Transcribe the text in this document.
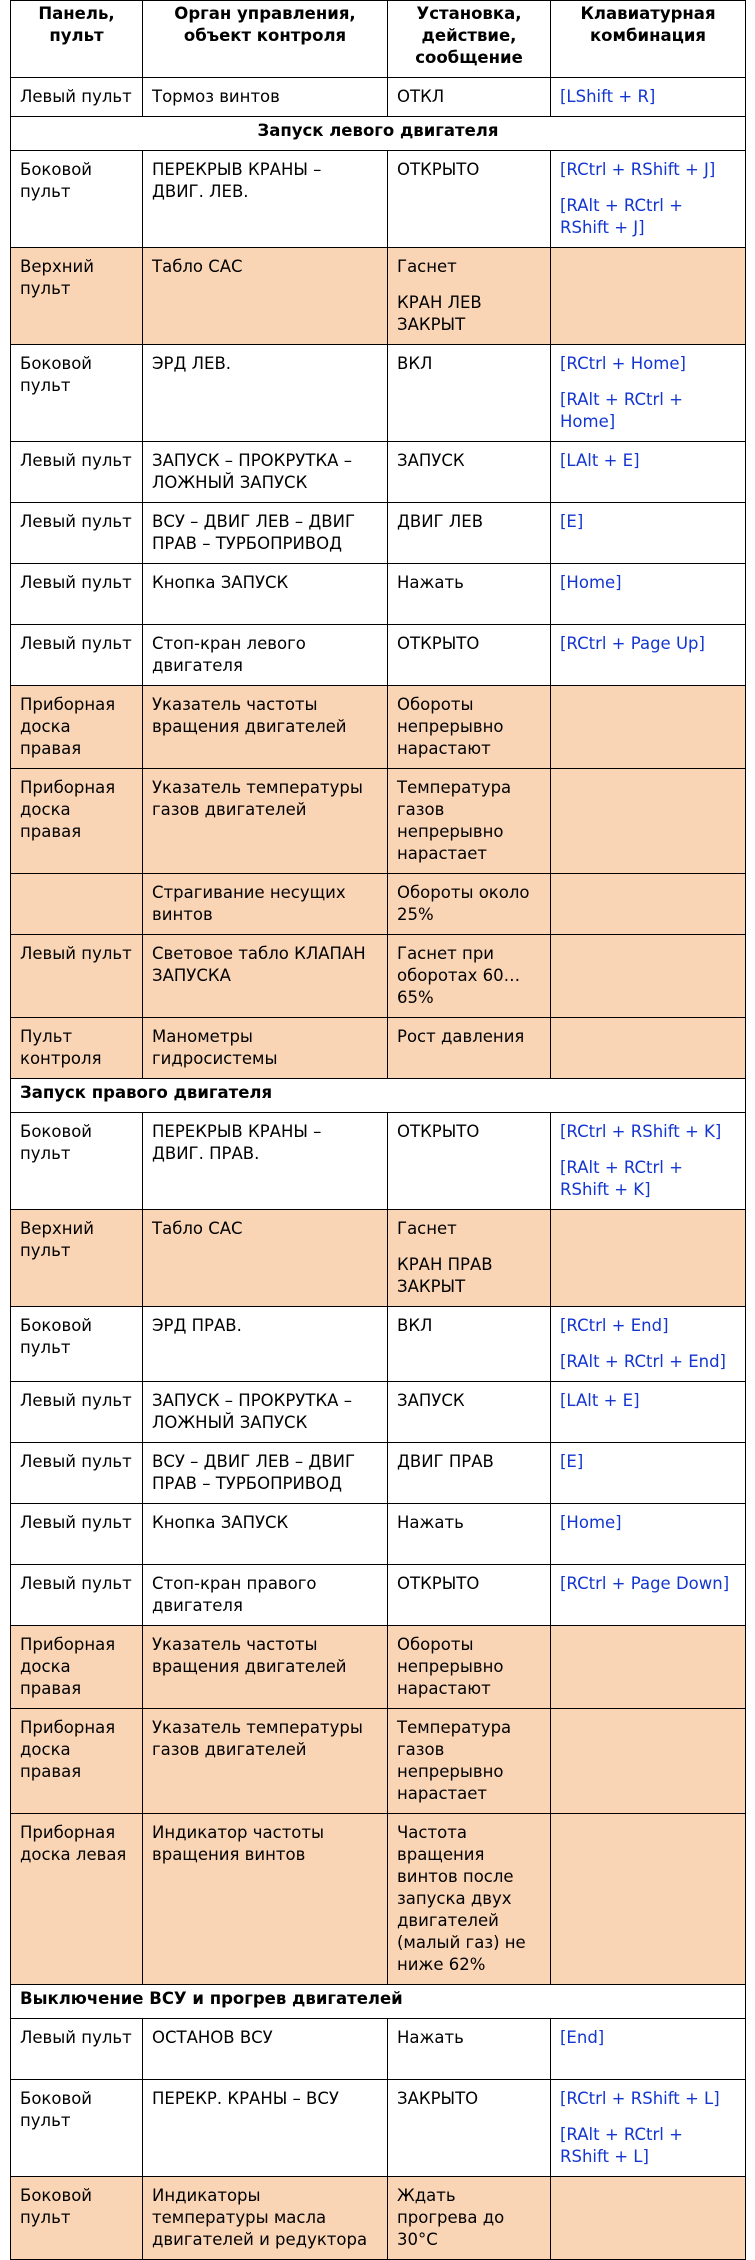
Панель, пульт	Орган управления, объект контроля	Установка, действие, сообщение	Клавиатурная комбинация
Левый пульт	Тормоз винтов	ОТКЛ	[LShift + R]

Запуск левого двигателя			
Боковой пульт	ПЕРЕКРЫВ КРАНЫ – ДВИГ. ЛЕВ.	ОТКРЫТО	[RCtrl + RShift + J]
[RAlt + RCtrl + RShift + J]

Верхний пульт	Табло САС	Гаснет
КРАН ЛЕВ ЗАКРЫТ	

Боковой пульт	ЭРД ЛЕВ.	ВКЛ	[RCtrl + Home]
[RAlt + RCtrl + Home]

Левый пульт	ЗАПУСК – ПРОКРУТКА – ЛОЖНЫЙ ЗАПУСК	ЗАПУСК	[LAlt + E]

Левый пульт	ВСУ – ДВИГ ЛЕВ – ДВИГ ПРАВ – ТУРБОПРИВОД	ДВИГ ЛЕВ	[E]

Левый пульт	Кнопка ЗАПУСК	Нажать	[Home]

Левый пульт	Стоп-кран левого двигателя	ОТКРЫТО	[RCtrl + Page Up]

Приборная доска правая	Указатель частоты вращения двигателей	Обороты непрерывно нарастают	

Приборная доска правая	Указатель температуры газов двигателей	Температура газов непрерывно нарастает	

	Страгивание несущих винтов	Обороты около 25%	

Левый пульт	Световое табло КЛАПАН ЗАПУСКА	Гаснет при оборотах 60…65%	

Пульт контроля	Манометры гидросистемы	Рост давления	

Запуск правого двигателя			
Боковой пульт	ПЕРЕКРЫВ КРАНЫ – ДВИГ. ПРАВ.	ОТКРЫТО	[RCtrl + RShift + K]
[RAlt + RCtrl + RShift + K]

Верхний пульт	Табло САС	Гаснет
КРАН ПРАВ ЗАКРЫТ	

Боковой пульт	ЭРД ПРАВ.	ВКЛ	[RCtrl + End]
[RAlt + RCtrl + End]

Левый пульт	ЗАПУСК – ПРОКРУТКА – ЛОЖНЫЙ ЗАПУСК	ЗАПУСК	[LAlt + E]

Левый пульт	ВСУ – ДВИГ ЛЕВ – ДВИГ ПРАВ – ТУРБОПРИВОД	ДВИГ ПРАВ	[E]

Левый пульт	Кнопка ЗАПУСК	Нажать	[Home]

Левый пульт	Стоп-кран правого двигателя	ОТКРЫТО	[RCtrl + Page Down]

Приборная доска правая	Указатель частоты вращения двигателей	Обороты непрерывно нарастают	

Приборная доска правая	Указатель температуры газов двигателей	Температура газов непрерывно нарастает	

Приборная доска левая	Индикатор частоты вращения винтов	Частота вращения винтов после запуска двух двигателей (малый газ) не ниже 62%	

Выключение ВСУ и прогрев двигателей			
Левый пульт	ОСТАНОВ ВСУ	Нажать	[End]

Боковой пульт	ПЕРЕКР. КРАНЫ – ВСУ	ЗАКРЫТО	[RCtrl + RShift + L]
[RAlt + RCtrl + RShift + L]

Боковой пульт	Индикаторы температуры масла двигателей и редуктора	Ждать прогрева до 30°C	
